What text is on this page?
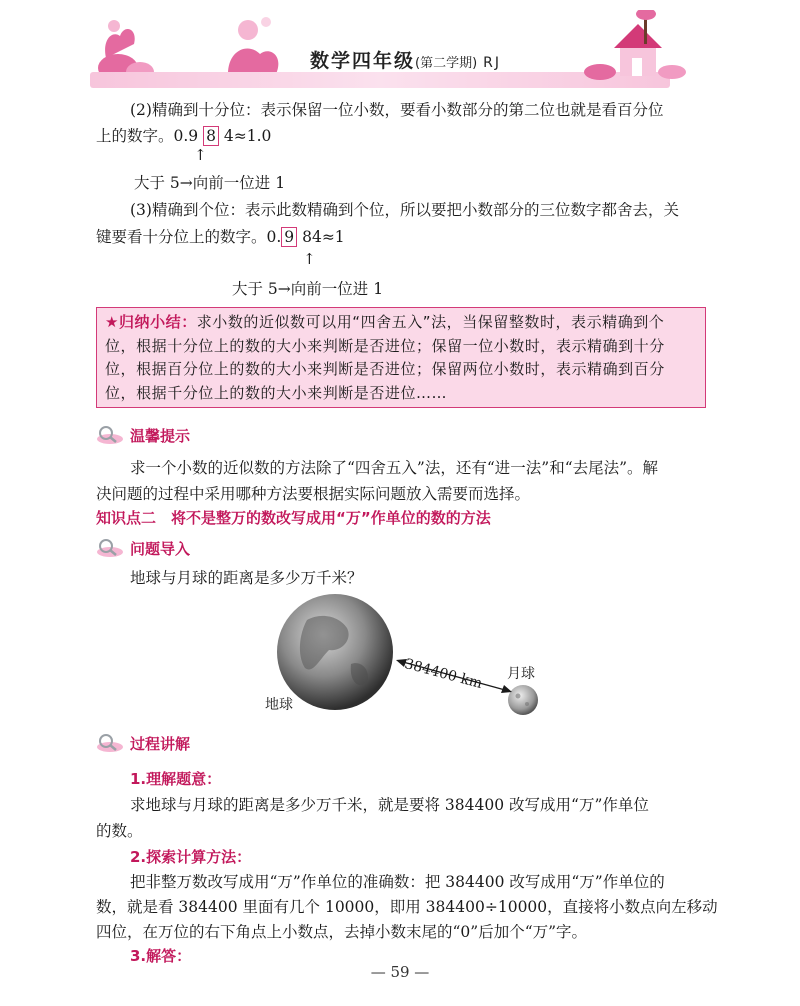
数学四年级(第二学期) RJ
(2)精确到十分位：表示保留一位小数，要看小数部分的第二位也就是看百分位
上的数字。0.9 8 4≈1.0
↑
大于 5→向前一位进 1
(3)精确到个位：表示此数精确到个位，所以要把小数部分的三位数字都舍去，关
键要看十分位上的数字。0. 9 84≈1
↑
大于 5→向前一位进 1
★归纳小结：求小数的近似数可以用“四舍五入”法，当保留整数时，表示精确到个
位，根据十分位上的数的大小来判断是否进位；保留一位小数时，表示精确到十分
位，根据百分位上的数的大小来判断是否进位；保留两位小数时，表示精确到百分
位，根据千分位上的数的大小来判断是否进位……
温馨提示
求一个小数的近似数的方法除了“四舍五入”法，还有“进一法”和“去尾法”。解
决问题的过程中采用哪种方法要根据实际问题放入需要而选择。
知识点二　将不是整万的数改写成用“万”作单位的数的方法
问题导入
地球与月球的距离是多少万千米？
384400 km 月球
地球
过程讲解
1.理解题意：
求地球与月球的距离是多少万千米，就是要将 384400 改写成用“万”作单位
的数。
2.探索计算方法：
把非整万数改写成用“万”作单位的准确数：把 384400 改写成用“万”作单位的
数，就是看 384400 里面有几个 10000，即用 384400÷10000，直接将小数点向左移动
四位，在万位的右下角点上小数点，去掉小数末尾的“0”后加个“万”字。
3.解答：
— 59 —
